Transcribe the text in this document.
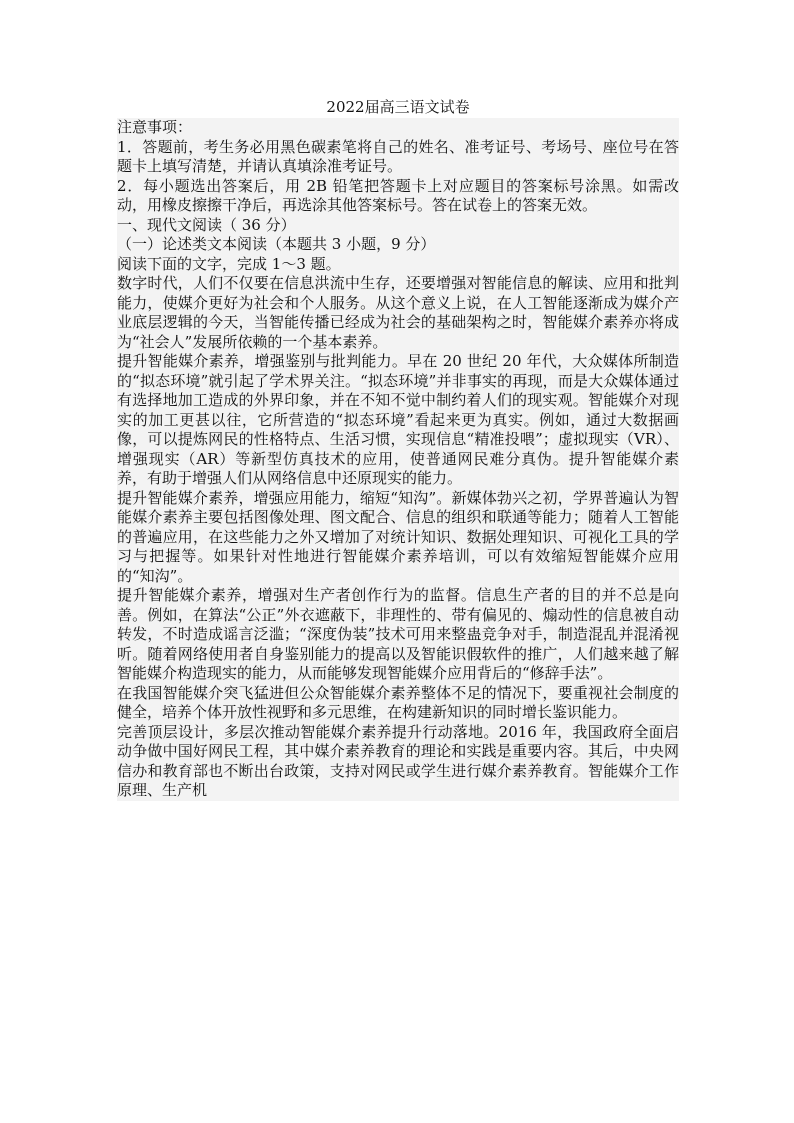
2022届高三语文试卷

注意事项：

1．答题前，考生务必用黑色碳素笔将自己的姓名、准考证号、考场号、座位号在答题卡上填写清楚，并请认真填涂准考证号。

2．每小题选出答案后，用 2B 铅笔把答题卡上对应题目的答案标号涂黑。如需改动，用橡皮擦擦干净后，再选涂其他答案标号。答在试卷上的答案无效。

一、现代文阅读（ 36 分）

（一）论述类文本阅读（本题共 3 小题，9 分）

阅读下面的文字，完成 1～3 题。

数字时代，人们不仅要在信息洪流中生存，还要增强对智能信息的解读、应用和批判能力，使媒介更好为社会和个人服务。从这个意义上说，在人工智能逐渐成为媒介产业底层逻辑的今天，当智能传播已经成为社会的基础架构之时，智能媒介素养亦将成为“社会人”发展所依赖的一个基本素养。

提升智能媒介素养，增强鉴别与批判能力。早在 20 世纪 20 年代，大众媒体所制造的“拟态环境”就引起了学术界关注。“拟态环境”并非事实的再现，而是大众媒体通过有选择地加工造成的外界印象，并在不知不觉中制约着人们的现实观。智能媒介对现实的加工更甚以往，它所营造的“拟态环境”看起来更为真实。例如，通过大数据画像，可以提炼网民的性格特点、生活习惯，实现信息“精准投喂”；虚拟现实（VR）、增强现实（AR）等新型仿真技术的应用，使普通网民难分真伪。提升智能媒介素养，有助于增强人们从网络信息中还原现实的能力。

提升智能媒介素养，增强应用能力，缩短“知沟”。新媒体勃兴之初，学界普遍认为智能媒介素养主要包括图像处理、图文配合、信息的组织和联通等能力；随着人工智能的普遍应用，在这些能力之外又增加了对统计知识、数据处理知识、可视化工具的学习与把握等。如果针对性地进行智能媒介素养培训，可以有效缩短智能媒介应用的“知沟”。

提升智能媒介素养，增强对生产者创作行为的监督。信息生产者的目的并不总是向善。例如，在算法“公正”外衣遮蔽下，非理性的、带有偏见的、煽动性的信息被自动转发，不时造成谣言泛滥；“深度伪装”技术可用来整蛊竞争对手，制造混乱并混淆视听。随着网络使用者自身鉴别能力的提高以及智能识假软件的推广，人们越来越了解智能媒介构造现实的能力，从而能够发现智能媒介应用背后的“修辞手法”。

在我国智能媒介突飞猛进但公众智能媒介素养整体不足的情况下，要重视社会制度的健全，培养个体开放性视野和多元思维，在构建新知识的同时增长鉴识能力。

完善顶层设计，多层次推动智能媒介素养提升行动落地。2016 年，我国政府全面启动争做中国好网民工程，其中媒介素养教育的理论和实践是重要内容。其后，中央网信办和教育部也不断出台政策，支持对网民或学生进行媒介素养教育。智能媒介工作原理、生产机
